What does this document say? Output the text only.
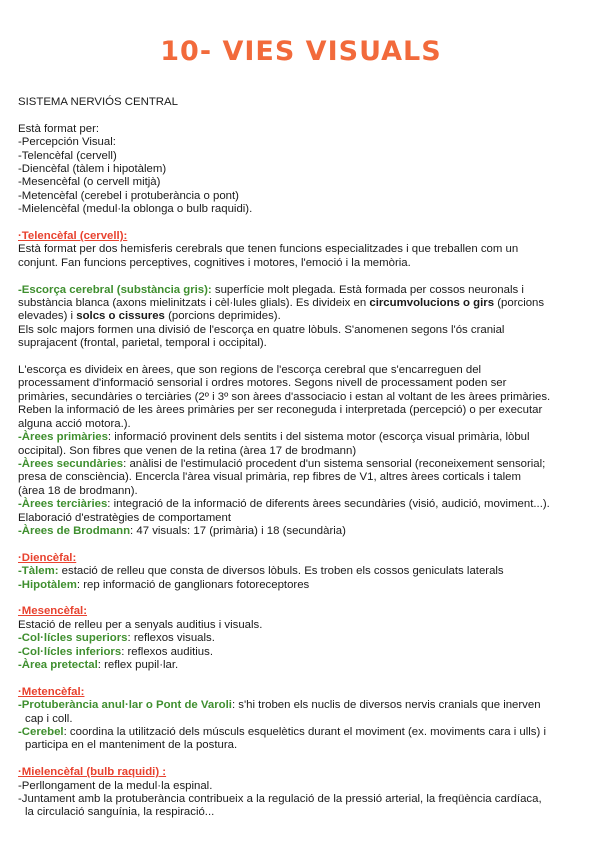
10- VIES VISUALS

SISTEMA NERVIÓS CENTRAL

Està format per:

-Percepción Visual:

-Telencèfal (cervell)

-Diencèfal (tàlem i hipotàlem)

-Mesencèfal (o cervell mitjà)

-Metencèfal (cerebel i protuberància o pont)

-Mielencèfal (medul·la oblonga o bulb raquidi).

·Telencèfal (cervell):

Està format per dos hemisferis cerebrals que tenen funcions especialitzades i que treballen com un

conjunt. Fan funcions perceptives, cognitives i motores, l'emoció i la memòria.

-Escorça cerebral (substància gris): superfície molt plegada. Està formada per cossos neuronals i

substància blanca (axons mielinitzats i cèl·lules glials). Es divideix en circumvolucions o girs (porcions

elevades) i solcs o cissures (porcions deprimides).

Els solc majors formen una divisió de l'escorça en quatre lòbuls. S'anomenen segons l'ós cranial

suprajacent (frontal, parietal, temporal i occipital).

L'escorça es divideix en àrees, que son regions de l'escorça cerebral que s'encarreguen del

processament d'informació sensorial i ordres motores. Segons nivell de processament poden ser

primàries, secundàries o terciàries (2º i 3º son àrees d'associacio i estan al voltant de les àrees primàries.

Reben la informació de les àrees primàries per ser reconeguda i interpretada (percepció) o per executar

alguna acció motora.).

-Àrees primàries: informació provinent dels sentits i del sistema motor (escorça visual primària, lòbul

occipital). Son fibres que venen de la retina (àrea 17 de brodmann)

-Àrees secundàries: anàlisi de l'estimulació procedent d'un sistema sensorial (reconeixement sensorial;

presa de consciència). Encercla l'àrea visual primària, rep fibres de V1, altres àrees corticals i talem

(àrea 18 de brodmann).

-Àrees terciàries: integració de la informació de diferents àrees secundàries (visió, audició, moviment...).

Elaboració d'estratègies de comportament

-Àrees de Brodmann: 47 visuals: 17 (primària) i 18 (secundària)

·Diencèfal:

-Tàlem: estació de relleu que consta de diversos lòbuls. Es troben els cossos geniculats laterals

-Hipotàlem: rep informació de ganglionars fotoreceptores

·Mesencèfal:

Estació de relleu per a senyals auditius i visuals.

-Col·lícles superiors: reflexos visuals.

-Col·lícles inferiors: reflexos auditius.

-Àrea pretectal: reflex pupil·lar.

·Metencèfal:

-Protuberància anul·lar o Pont de Varoli: s'hi troben els nuclis de diversos nervis cranials que inerven

cap i coll.

-Cerebel: coordina la utilització dels músculs esquelètics durant el moviment (ex. moviments cara i ulls) i

participa en el manteniment de la postura.

·Mielencèfal (bulb raquidi) :

-Perllongament de la medul·la espinal.

-Juntament amb la protuberància contribueix a la regulació de la pressió arterial, la freqüència cardíaca,

la circulació sanguínia, la respiració...
